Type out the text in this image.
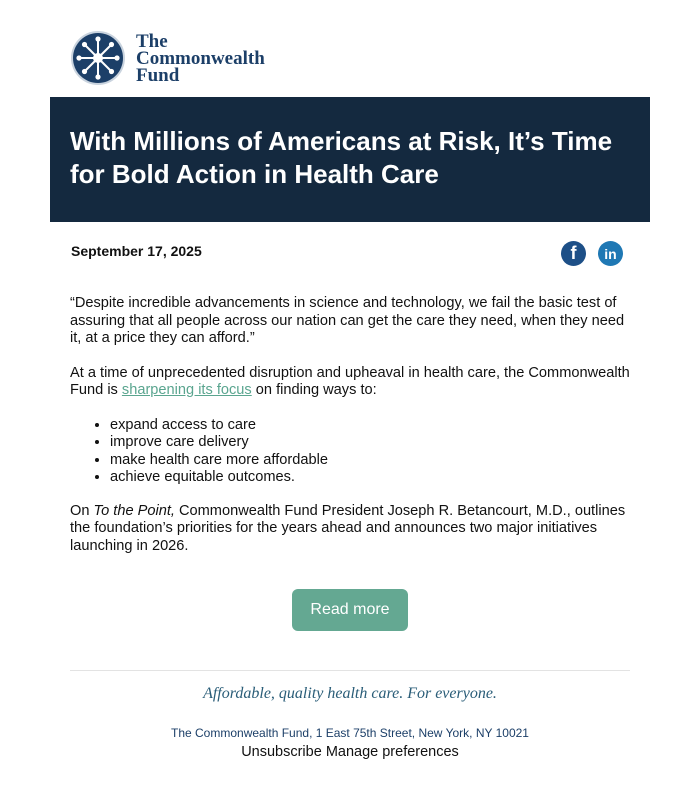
The
Commonwealth
Fund
With Millions of Americans at Risk, It’s Time for Bold Action in Health Care
September 17, 2025	f in

“Despite incredible advancements in science and technology, we fail the basic test of assuring that all people across our nation can get the care they need, when they need it, at a price they can afford.”

At a time of unprecedented disruption and upheaval in health care, the Commonwealth Fund is sharpening its focus on finding ways to:

• expand access to care
• improve care delivery
• make health care more affordable
• achieve equitable outcomes.

On To the Point, Commonwealth Fund President Joseph R. Betancourt, M.D., outlines the foundation’s priorities for the years ahead and announces two major initiatives launching in 2026.

Read more
Affordable, quality health care. For everyone.
The Commonwealth Fund, 1 East 75th Street, New York, NY 10021
Unsubscribe Manage preferences
